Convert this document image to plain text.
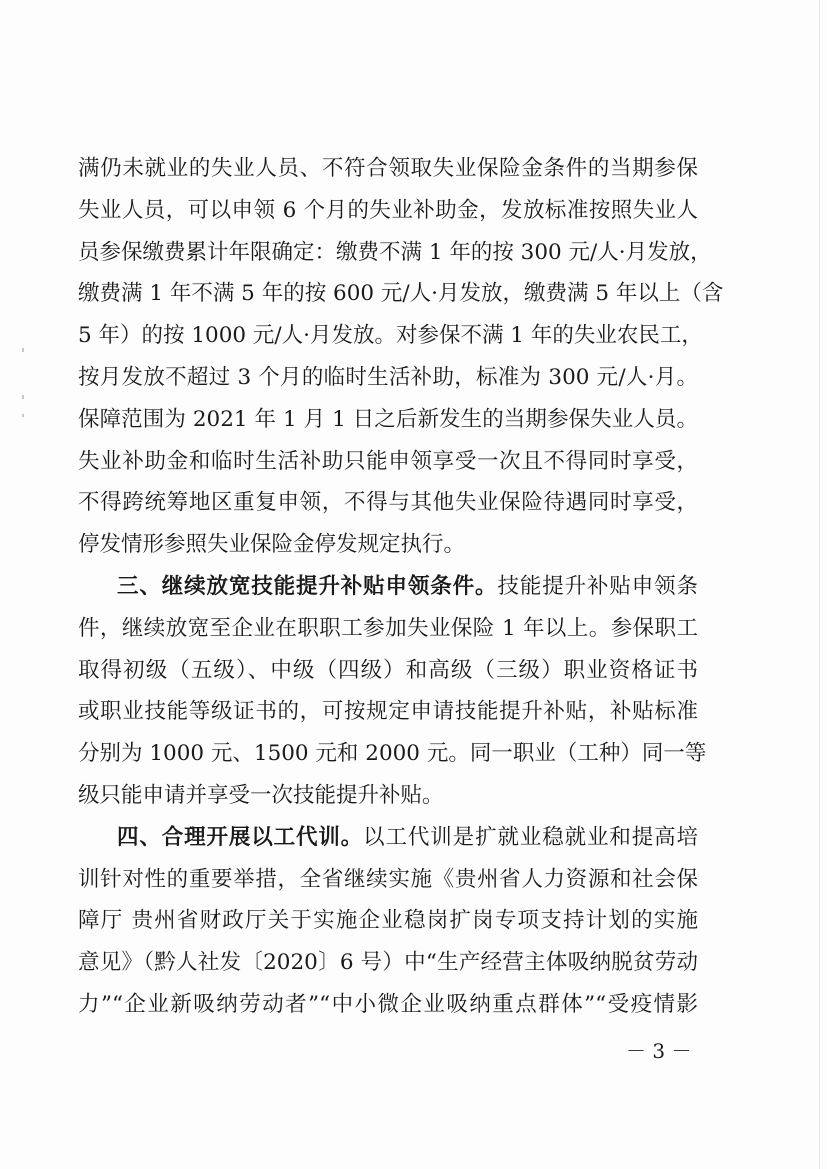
满仍未就业的失业人员、不符合领取失业保险金条件的当期参保
失业人员，可以申领 6 个月的失业补助金，发放标准按照失业人
员参保缴费累计年限确定：缴费不满 1 年的按 300 元/人·月发放，
缴费满 1 年不满 5 年的按 600 元/人·月发放，缴费满 5 年以上（含
5 年）的按 1000 元/人·月发放。对参保不满 1 年的失业农民工，
按月发放不超过 3 个月的临时生活补助，标准为 300 元/人·月。
保障范围为 2021 年 1 月 1 日之后新发生的当期参保失业人员。
失业补助金和临时生活补助只能申领享受一次且不得同时享受，
不得跨统筹地区重复申领，不得与其他失业保险待遇同时享受，
停发情形参照失业保险金停发规定执行。
三、继续放宽技能提升补贴申领条件。技能提升补贴申领条
件，继续放宽至企业在职职工参加失业保险 1 年以上。参保职工
取得初级（五级）、中级（四级）和高级（三级）职业资格证书
或职业技能等级证书的，可按规定申请技能提升补贴，补贴标准
分别为 1000 元、1500 元和 2000 元。同一职业（工种）同一等
级只能申请并享受一次技能提升补贴。
四、合理开展以工代训。以工代训是扩就业稳就业和提高培
训针对性的重要举措，全省继续实施《贵州省人力资源和社会保
障厅 贵州省财政厅关于实施企业稳岗扩岗专项支持计划的实施
意见》（黔人社发〔2020〕6 号）中“生产经营主体吸纳脱贫劳动
力”“企业新吸纳劳动者”“中小微企业吸纳重点群体”“受疫情影
－ 3 －
